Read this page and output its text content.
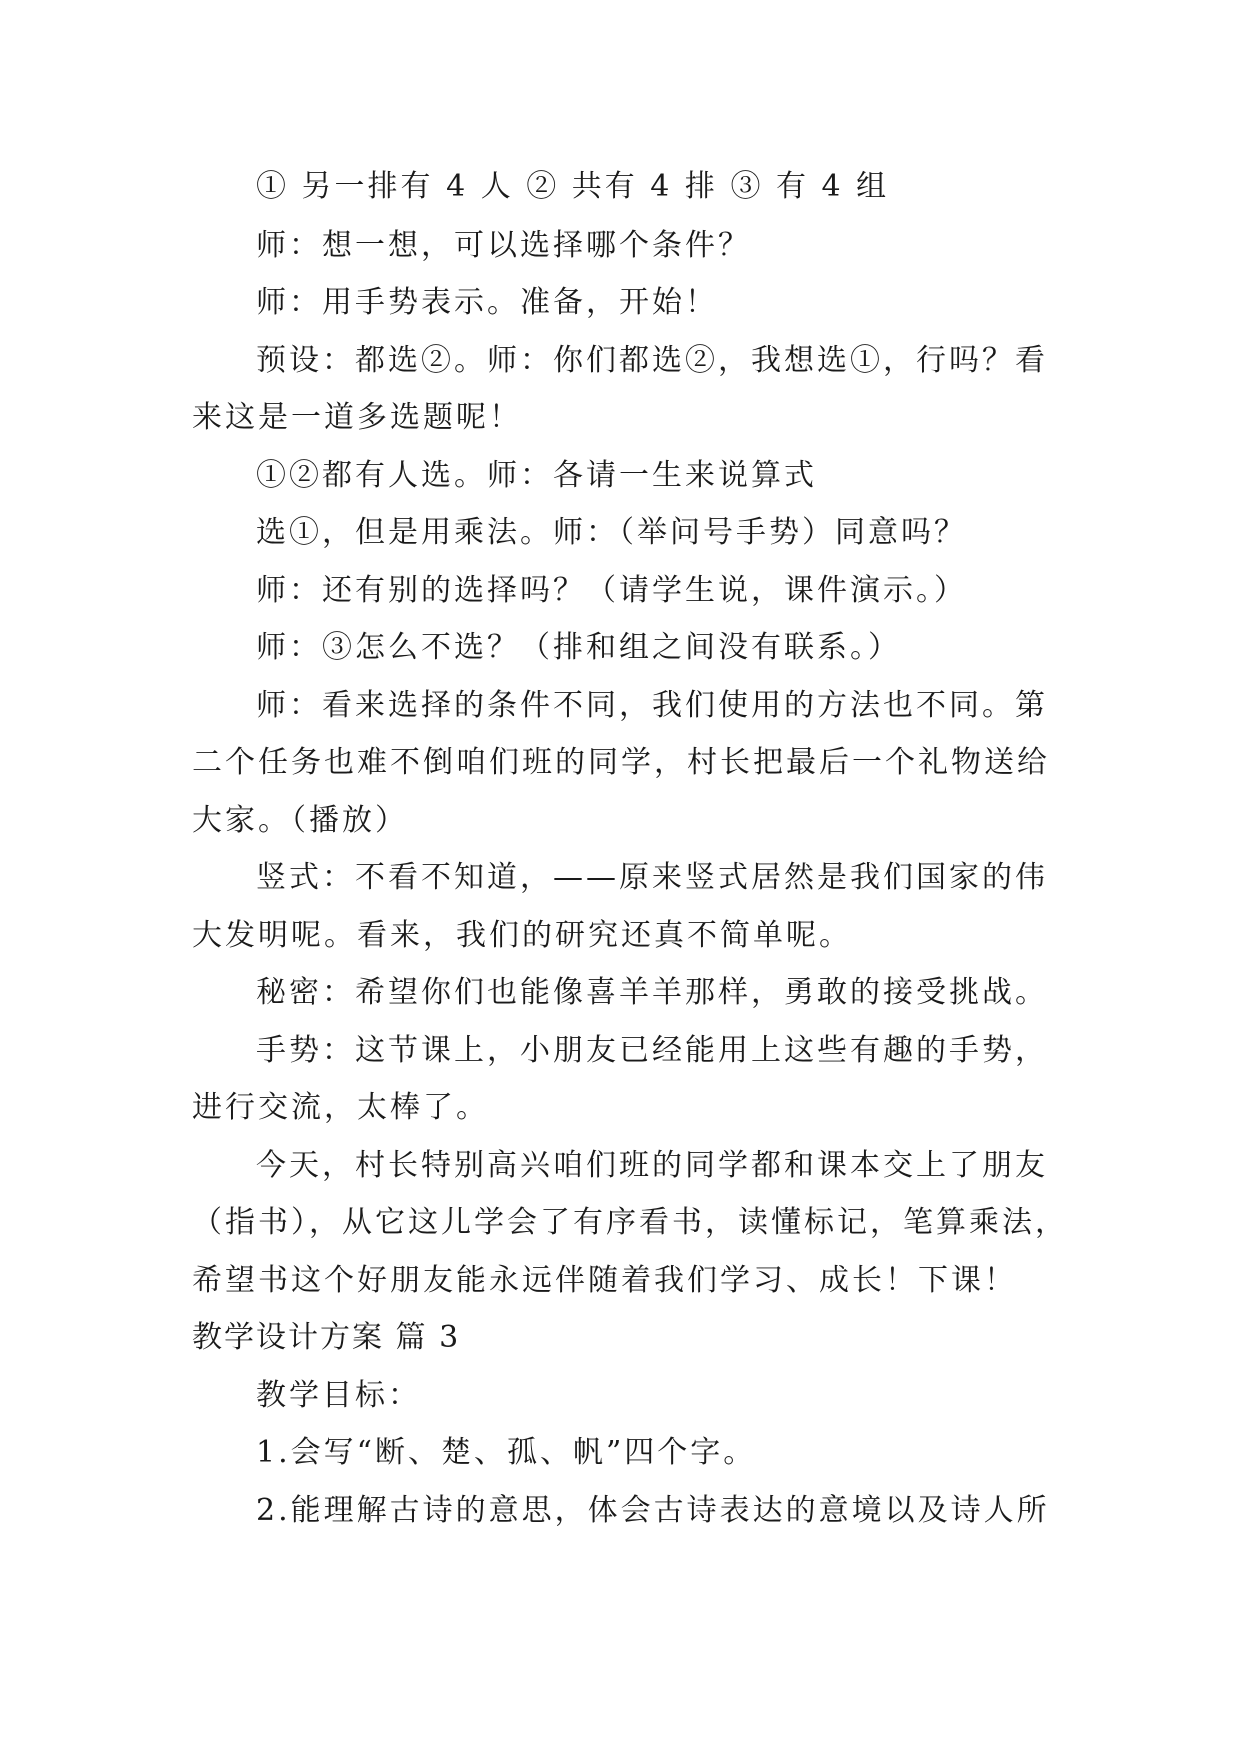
① 另一排有 4 人 ② 共有 4 排 ③ 有 4 组
师：想一想，可以选择哪个条件？
师：用手势表示。准备，开始！
预设：都选②。师：你们都选②，我想选①，行吗？看
来这是一道多选题呢！
①②都有人选。师：各请一生来说算式
选①，但是用乘法。师：（举问号手势）同意吗？
师：还有别的选择吗？（请学生说，课件演示。）
师：③怎么不选？（排和组之间没有联系。）
师：看来选择的条件不同，我们使用的方法也不同。第
二个任务也难不倒咱们班的同学，村长把最后一个礼物送给
大家。（播放）
竖式：不看不知道，——原来竖式居然是我们国家的伟
大发明呢。看来，我们的研究还真不简单呢。
秘密：希望你们也能像喜羊羊那样，勇敢的接受挑战。
手势：这节课上，小朋友已经能用上这些有趣的手势，
进行交流，太棒了。
今天，村长特别高兴咱们班的同学都和课本交上了朋友
（指书），从它这儿学会了有序看书，读懂标记，笔算乘法，
希望书这个好朋友能永远伴随着我们学习、成长！下课！
教学设计方案 篇 3
教学目标：
1.会写“断、楚、孤、帆”四个字。
2.能理解古诗的意思，体会古诗表达的意境以及诗人所
